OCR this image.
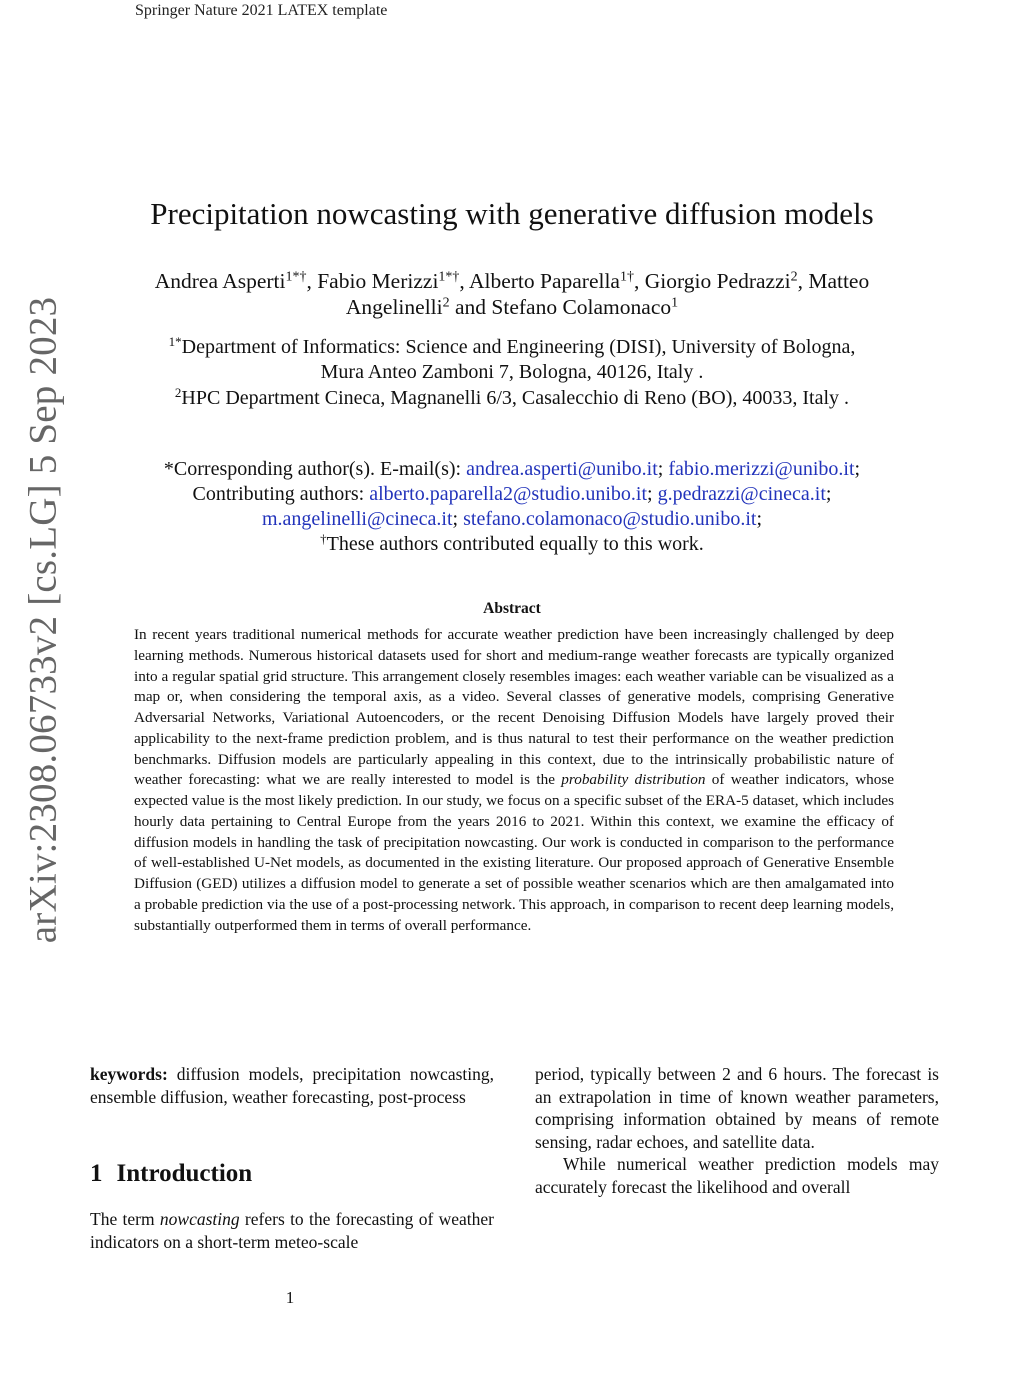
Springer Nature 2021 LATEX template
arXiv:2308.06733v2 [cs.LG] 5 Sep 2023
Precipitation nowcasting with generative diffusion models
Andrea Asperti$^{1*\dagger}$, Fabio Merizzi$^{1*\dagger}$, Alberto Paparella$^{1\dagger}$, Giorgio Pedrazzi$^2$, Matteo
Angelinelli$^2$ and Stefano Colamonaco$^1$
$^{1*}$Department of Informatics: Science and Engineering (DISI), University of Bologna,
Mura Anteo Zamboni 7, Bologna, 40126, Italy .
$^2$HPC Department Cineca, Magnanelli 6/3, Casalecchio di Reno (BO), 40033, Italy .
*Corresponding author(s). E-mail(s): andrea.asperti@unibo.it; fabio.merizzi@unibo.it;
Contributing authors: alberto.paparella2@studio.unibo.it; g.pedrazzi@cineca.it;
m.angelinelli@cineca.it; stefano.colamonaco@studio.unibo.it;
†These authors contributed equally to this work.
Abstract
In recent years traditional numerical methods for accurate weather prediction have been increasingly challenged by deep learning methods. Numerous historical datasets used for short and medium-range weather forecasts are typically organized into a regular spatial grid structure. This arrangement closely resembles images: each weather variable can be visualized as a map or, when considering the temporal axis, as a video. Several classes of generative models, comprising Generative Adversarial Networks, Variational Autoencoders, or the recent Denoising Diffusion Models have largely proved their applicability to the next-frame prediction problem, and is thus natural to test their performance on the weather prediction benchmarks. Diffusion models are particularly appealing in this context, due to the intrinsically probabilistic nature of weather forecasting: what we are really interested to model is the probability distribution of weather indicators, whose expected value is the most likely prediction. In our study, we focus on a specific subset of the ERA-5 dataset, which includes hourly data pertaining to Central Europe from the years 2016 to 2021. Within this context, we examine the efficacy of diffusion models in handling the task of precipitation nowcasting. Our work is conducted in comparison to the performance of well-established U-Net models, as documented in the existing literature. Our proposed approach of Generative Ensemble Diffusion (GED) utilizes a diffusion model to generate a set of possible weather scenarios which are then amalgamated into a probable prediction via the use of a post-processing network. This approach, in comparison to recent deep learning models, substantially outperformed them in terms of overall performance.
keywords: diffusion models, precipitation nowcasting, ensemble diffusion, weather forecasting, post-process
1 Introduction
The term nowcasting refers to the forecasting of weather indicators on a short-term meteo-scale

period, typically between 2 and 6 hours. The forecast is an extrapolation in time of known weather parameters, comprising information obtained by means of remote sensing, radar echoes, and satellite data.

While numerical weather prediction models may accurately forecast the likelihood and overall

1
